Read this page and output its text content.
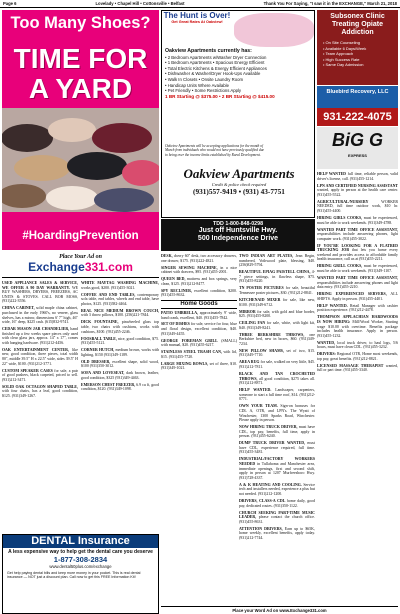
Page 6	Lovelady • Chapel Hill • Cottonsville • Belfast	Thank You For Saying, "I saw it in the EXCHANGE," March 21, 2018
Too Many Shoes?
TIME FOR A YARD
#HoardingPrevention
Place Your Ad on
Exchange331.com
The Hunt is Over!
Get Great Rates At Oakview!
Oakview Apartments currently has:
• 2 Bedroom Apartments w/Washer Dryer Connection
• 1 Bedroom Apartments • Spacious Energy Efficient
• Total Electric Kitchens & Energy Efficient Appliances
• Dishwasher & Washer/Dryer Hook-Ups Available
• Walk In Closets • Onsite Laundry Room
• Handicap Units Where Available
• Pet Friendly • Some Restrictions Apply
1 BR Starting @ $375.00 • 2 BR Starting @ $415.00
Oakview Apartments will be accepting applications for the month of March from individuals who would not have previously qualified due to being over the income limits established by Rural Development.
Oakview Apartments
Credit & police check required
(931)557-9419 • (931) 43-7751
TDD 1-800-848-0298
Just off Huntsville Hwy.
500 Independence Drive
Subsonex Clinic Treating Opiate Addiction
• On Site Counseling
• Available 6 Days/Week
• Team Approach
• High Success Rate
• Same Day Admission
Bluebird Recovery, LLC
931-222-4075
BiG G
EXPRESS

USED APPLIANCE SALES & SERVICE, WE OFFER A 90 DAY WARRANTY. WE BUY WASHERS, DRYERS, FREEZERS, AC UNITS & STOVES. CALL BOB MOSS, (931)222-3556.

CHINA CABINET, solid maple china cabinet, purchased in the early 1960's, no veneer, glass shelves, has a mirror, dimensions 6' 7" high, 46" wide, 16" deep, $225 cash. (615)832-9741.

CEDAR MASON JAR CHANDELIER, hand finished up a few weeks spare pieces only used with clear glass jars, approx. 14" x 17", comes with hanging hardware. (931)212-4456.

OAK ENTERTAINMENT CENTER, like new, good condition, three pieces, total width 80", middle 39.5" H x 22.5" wide, sides 39.5" H 22" wide, $100. (931)212-3771.

CUSTOM SPEAKER CASES for sale, a pair of good pushers, black carpeted, priced to sell. (931)212-3471.

SOLID OAK OCTAGON SHAPED TABLE, with four chairs, has a leaf, good condition, $125. (931)349-1267.

WHITE MAYTAG WASHING MACHINE, works good, $200. (931)455-3021.

COFFEE AND END TABLES, contemporary sofa table, end tables, wheels and end table, have photos, $125. (931)582-4464.

REAL NICE MEDIUM BROWN COUCH, with 3 throw pillows, $100. (256)221-7844.

DICK FOUNTAINE, pinwheeled glass top table, two chairs with cushions, works with cushions, $100. (931)455-2246.

FOOSBALL TABLE, nice, good condition, $75. (931)455-5121.

CORNER HUTCH, medium brown, works with lighting, $150 (931)349-1189.

OLD DRESSER, excellent shape, solid wood, $100 (931)350-3012.

SOFA AND LOVESEAT, dark brown, leather, good condition, $325 (931)349-4463.

EMERSON CHEST FREEZER, 6.9 cu ft, good condition, $120. (931)349-1098.

DESK, cherry 60" desk, two accessory drawers, one drawer, $175. (931)222-4821.

SINGER SEWING MACHINE, in a nice cabinet with drawers, $95. (931)455-2001.

QUEEN BED, mattress and box springs, very clean, $125. (931)212-8477.

SPY RECLINER, excellent condition, $200. (931)455-8632.

Home Goods

PATIO UMBRELLA, approximately 9' wide, hand crank, excellent, $40. (931)455-7842.

SET OF DISHES for sale, service for four, blue and floral design, excellent condition, $40. (931)349-4455.

GEORGE FOREMAN GRILL (SMALL) with manual, $20. (931)455-6217.

STAINLESS STEEL TRASH CAN, with lid, $15. (931)455-7720.

LARGE MIXING BOWLS, set of three, $10. (931)349-1021.

TWO INDIAN ART PLATES, Jean Begin, numbered, Vothwood plate, blessing, $40. (256)829-5794.

BEAUTIFUL EPIAG PAISTELL CHINA, 4-7 piece settings, in flawless shape, $75. (931)455-8220.

TN POSTER PICTURES for sale, beautiful Tennessee poster pictures, $30. (931)212-8841.

KITCHENAID MIXER for sale, like new, $100. (931)349-6712.

MIRROR for sale, with gold and blue border, $25. (931)455-8200.

CEILING FAN for sale, white, with light kit, $40. (931)349-8241.

THREE BERKSHIRE THROWS, one Berkshire bed, new in boxes, $60. (931)349-7234.

NEW PILLOW SHAMS, set of two, $15. (931)349-7710.

AREA RUG for sale, walked on very little, $45. (931)212-7811.

BLACK AND TAN CROCHETED THROWS, all good condition, $275 takes all. (931)212-8871.

HELP WANTED. Landscaper, carpenters, someone to start a full time roof, $14. (931)212-0771.

OWN YOUR TEAM. Sign-on bonuses for CDL A, OTR, and LPN's. The Wyatt of Winchester, 1300 Sparks Road, Winchester. Please apply in person.

NOW HIRING TRUCK DRIVER, must have CDL, top pay, benefits, full time, apply in person. (931)455-6240.

DUMP TRUCK DRIVER WANTED, must have CDL, experience required, full time. (931)455-3481.

INDUSTRIAL/FACTORY WORKERS NEEDED in Tullahoma and Manchester area, immediate openings, first and second shift, apply in person at 1207 Murfreesboro Hwy. (931)728-4337.

A & K HEATING AND COOLING. Service tech and installers needed, experience a plus but not needed. (931)212-1200.

DRIVERS, CLASS-A CDL home daily, good pay, dedicated routes. (931)350-1122.

CHURCH SEEKING PART-TIME MUSIC LEADER, please contact the church office. (931)455-8631.

ATTENTION DRIVERS, Earn up to $65K, home weekly, excellent benefits, apply today. (931)212-7744.

HELP WANTED full time, reliable person, valid driver's license, call. (931)455-1214.

LPN AND CERTIFIED NURSING ASSISTANT wanted, apply in person at the health care center. (931)455-5522.

AGRICULTURAL/NURSERY	WORKER NEEDED, full time outdoor work, $10 hr. (931)455-4400.

HIRING GIRLS COOKS, must be experienced, must be able to work weekends. (931)349-4788.

WANTED PART TIME OFFICE ASSISTANT, responsibilities include answering phones, light computer work. (931)455-3022.

IF YOU'RE LOOKING FOR A FLATBED TRUCKING JOB that lets you home every weekend and provides access to affordable family health insurance, call us at (931)455-2211.

HIRING GRILL COOKS, must be experienced, must be able to work weekends. (931)349-1107.

WANTED PART TIME OFFICE ASSISTANT, responsibilities include answering phones and light data entry. (931)455-2210.

HIRING EXPERIENCED SERVERS, ALL SHIFTS. Apply in person. (931)455-4401.

HELP WANTED. Retail Manager with cashier position experience. (931)212-4478.

THOMPSON APPLACHIAN HARDWOODS IS NOW HIRING: Mill/Wood Worker, Starting wage $10.00 with overtime. Benefits package includes health insurance. Apply in person. (931)455-1232.

WANTED, local truck driver, to haul logs, 5/6 hours, must have clean CDL. (931)455-3232.

DRIVERS: Regional OTR, Home most weekends, top pay, great benefits. (931)212-8821.

LICENSED MASSAGE THERAPIST wanted, full or part time. (931)455-3340.

DENTAL Insurance
A less expensive way to help get the dental care you deserve
1-877-308-2834
www.dental50plus.com/exchange
Get help paying dental bills and keep more money in your pocket. This is real dental insurance — NOT just a discount plan. Call now to get this FREE Information Kit!
Place your Word Ad on www.Exchange331.com
